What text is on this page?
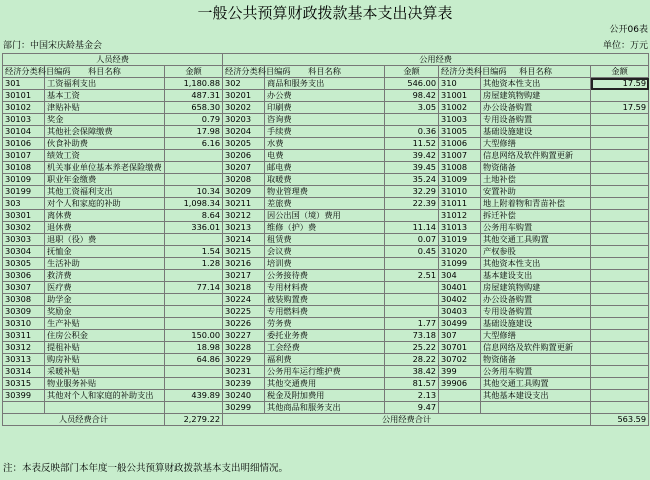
一般公共预算财政拨款基本支出决算表
公开06表
部门：中国宋庆龄基金会	单位：万元
人员经费			公用经费					
经济分类科目编码	科目名称	金额	经济分类科目编码	科目名称	金额	经济分类科目编码	科目名称	金额
301	工资福利支出	1,180.88	302	商品和服务支出	546.00	310	其他资本性支出	17.59
30101	基本工资	487.31	30201	办公费	98.42	31001	房屋建筑物购建	
30102	津贴补贴	658.30	30202	印刷费	3.05	31002	办公设备购置	17.59
30103	奖金	0.79	30203	咨询费		31003	专用设备购置	
30104	其他社会保障缴费	17.98	30204	手续费	0.36	31005	基础设施建设	
30106	伙食补助费	6.16	30205	水费	11.52	31006	大型修缮	
30107	绩效工资		30206	电费	39.42	31007	信息网络及软件购置更新	
30108	机关事业单位基本养老保险缴费		30207	邮电费	39.45	31008	物资储备	
30109	职业年金缴费		30208	取暖费	35.24	31009	土地补偿	
30199	其他工资福利支出	10.34	30209	物业管理费	32.29	31010	安置补助	
303	对个人和家庭的补助	1,098.34	30211	差旅费	22.39	31011	地上附着物和青苗补偿	
30301	离休费	8.64	30212	因公出国（境）费用		31012	拆迁补偿	
30302	退休费	336.01	30213	维修（护）费	11.14	31013	公务用车购置	
30303	退职（役）费		30214	租赁费	0.07	31019	其他交通工具购置	
30304	抚恤金	1.54	30215	会议费	0.45	31020	产权参股	
30305	生活补助	1.28	30216	培训费		31099	其他资本性支出	
30306	救济费		30217	公务接待费	2.51	304	基本建设支出	
30307	医疗费	77.14	30218	专用材料费		30401	房屋建筑物购建	
30308	助学金		30224	被装购置费		30402	办公设备购置	
30309	奖励金		30225	专用燃料费		30403	专用设备购置	
30310	生产补贴		30226	劳务费	1.77	30499	基础设施建设	
30311	住房公积金	150.00	30227	委托业务费	73.18	307	大型修缮	
30312	提租补贴	18.98	30228	工会经费	25.22	30701	信息网络及软件购置更新	
30313	购房补贴	64.86	30229	福利费	28.22	30702	物资储备	
30314	采暖补贴		30231	公务用车运行维护费	38.42	399	公务用车购置	
30315	物业服务补贴		30239	其他交通费用	81.57	39906	其他交通工具购置	
30399	其他对个人和家庭的补助支出	439.89	30240	税金及附加费用	2.13		其他基本建设支出	
			30299	其他商品和服务支出	9.47			
人员经费合计		2,279.22	公用经费合计					563.59
注：本表反映部门本年度一般公共预算财政拨款基本支出明细情况。
